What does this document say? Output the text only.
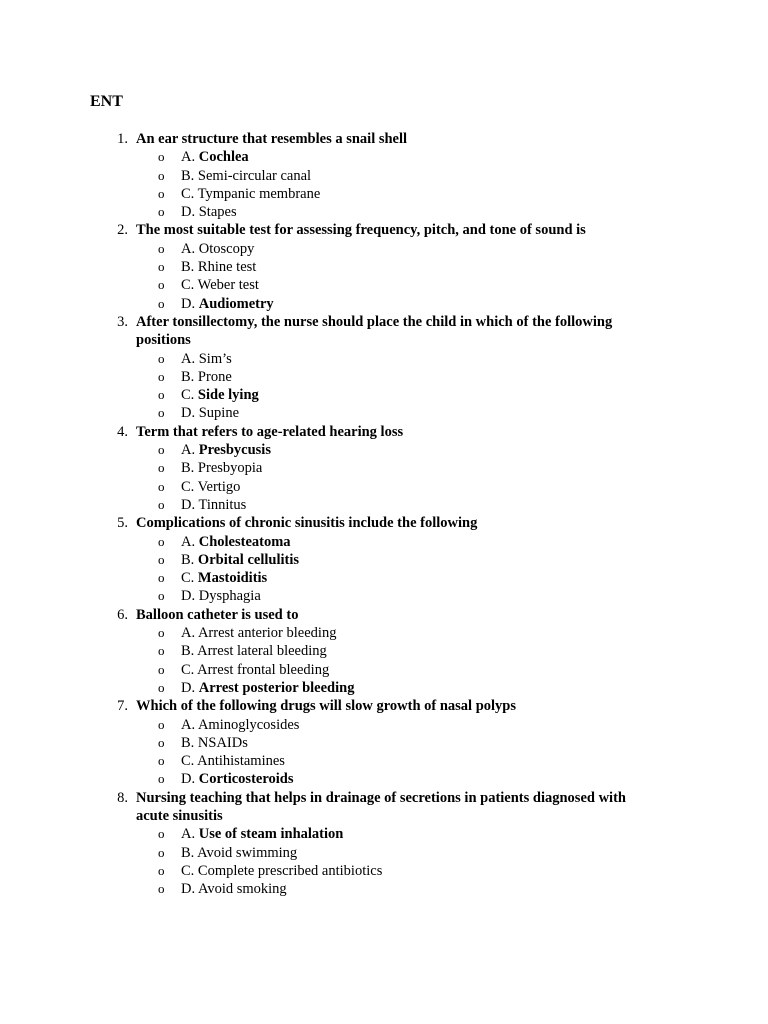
ENT
1. An ear structure that resembles a snail shell
o A. Cochlea
o B. Semi-circular canal
o C. Tympanic membrane
o D. Stapes
2. The most suitable test for assessing frequency, pitch, and tone of sound is
o A. Otoscopy
o B. Rhine test
o C. Weber test
o D. Audiometry
3. After tonsillectomy, the nurse should place the child in which of the following positions
o A. Sim’s
o B. Prone
o C. Side lying
o D. Supine
4. Term that refers to age-related hearing loss
o A. Presbycusis
o B. Presbyopia
o C. Vertigo
o D. Tinnitus
5. Complications of chronic sinusitis include the following
o A. Cholesteatoma
o B. Orbital cellulitis
o C. Mastoiditis
o D. Dysphagia
6. Balloon catheter is used to
o A. Arrest anterior bleeding
o B. Arrest lateral bleeding
o C. Arrest frontal bleeding
o D. Arrest posterior bleeding
7. Which of the following drugs will slow growth of nasal polyps
o A. Aminoglycosides
o B. NSAIDs
o C. Antihistamines
o D. Corticosteroids
8. Nursing teaching that helps in drainage of secretions in patients diagnosed with acute sinusitis
o A. Use of steam inhalation
o B. Avoid swimming
o C. Complete prescribed antibiotics
o D. Avoid smoking
